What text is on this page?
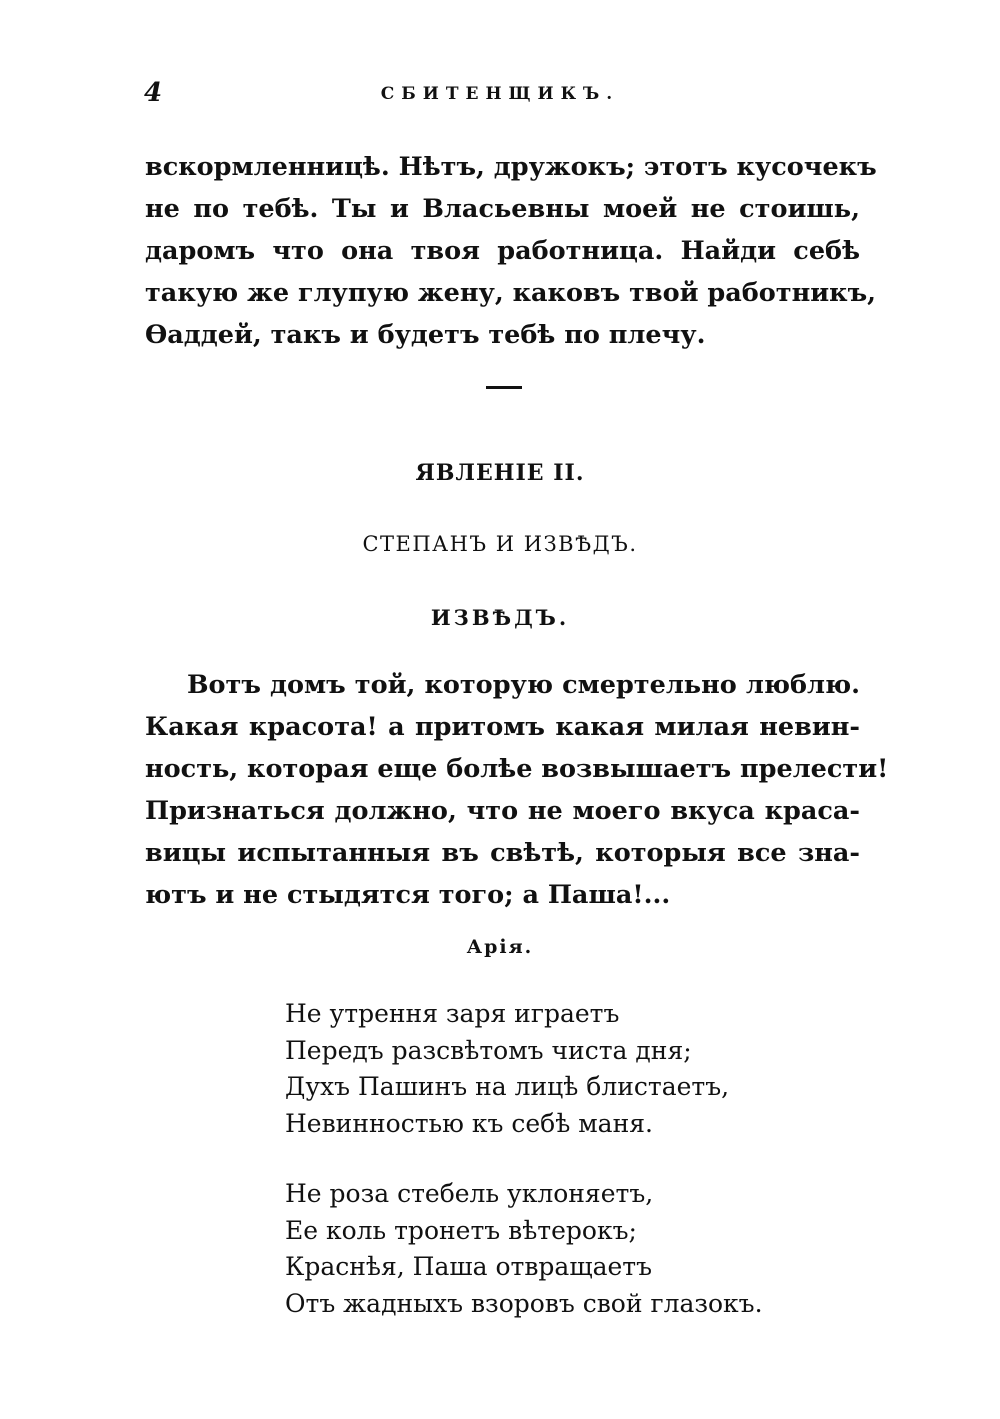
4	СБИТЕНЩИКЪ.
вскормленницѣ. Нѣтъ, дружокъ; этотъ кусочекъ
не по тебѣ. Ты и Власьевны моей не стоишь,
даромъ что она твоя работница. Найди себѣ
такую же глупую жену, каковъ твой работникъ,
Өаддей, такъ и будетъ тебѣ по плечу.
ЯВЛЕНІЕ II.
СТЕПАНЪ И ИЗВѢДЪ.
ИЗВѢДЪ.
Вотъ домъ той, которую смертельно люблю.
Какая красота! а притомъ какая милая невин-
ность, которая еще болѣе возвышаетъ прелести!
Признаться должно, что не моего вкуса краса-
вицы испытанныя въ свѣтѣ, которыя все зна-
ютъ и не стыдятся того; а Паша!...
Арія.
Не утрення заря играетъ
Передъ разсвѣтомъ чиста дня;
Духъ Пашинъ на лицѣ блистаетъ,
Невинностью къ себѣ маня.
Не роза стебель уклоняетъ,
Ее коль тронетъ вѣтерокъ;
Краснѣя, Паша отвращаетъ
Отъ жадныхъ взоровъ свой глазокъ.
